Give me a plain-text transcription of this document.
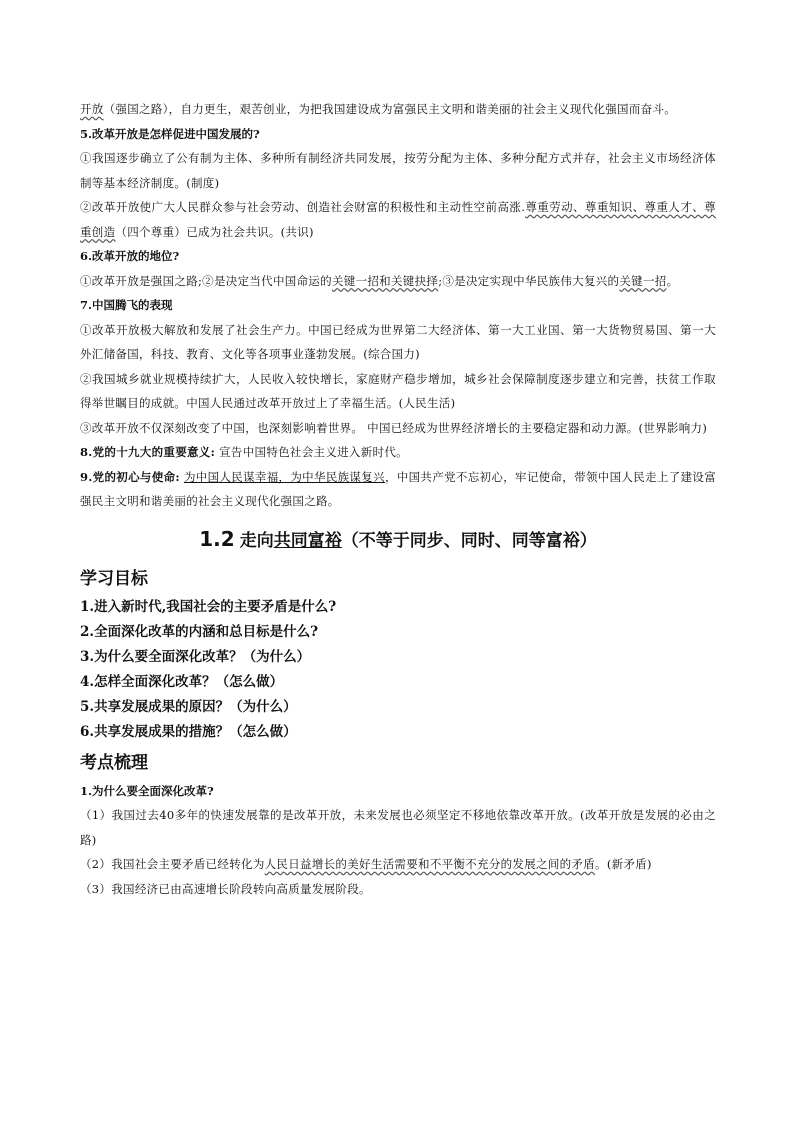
开放（强国之路），自力更生，艰苦创业，为把我国建设成为富强民主文明和谐美丽的社会主义现代化强国而奋斗。

5.改革开放是怎样促进中国发展的?

①我国逐步确立了公有制为主体、多种所有制经济共同发展，按劳分配为主体、多种分配方式并存，社会主义市场经济体制等基本经济制度。(制度)

②改革开放使广大人民群众参与社会劳动、创造社会财富的积极性和主动性空前高涨.尊重劳动、尊重知识、尊重人才、尊重创造（四个尊重）已成为社会共识。(共识)

6.改革开放的地位?

①改革开放是强国之路;②是决定当代中国命运的关键一招和关键抉择;③是决定实现中华民族伟大复兴的关键一招。

7.中国腾飞的表现

①改革开放极大解放和发展了社会生产力。中国已经成为世界第二大经济体、第一大工业国、第一大货物贸易国、第一大外汇储备国，科技、教育、文化等各项事业蓬勃发展。(综合国力)

②我国城乡就业规模持续扩大，人民收入较快增长，家庭财产稳步增加，城乡社会保障制度逐步建立和完善，扶贫工作取得举世瞩目的成就。中国人民通过改革开放过上了幸福生活。(人民生活)

③改革开放不仅深刻改变了中国，也深刻影响着世界。 中国已经成为世界经济增长的主要稳定器和动力源。(世界影响力)

8.党的十九大的重要意义: 宣告中国特色社会主义进入新时代。

9.党的初心与使命: 为中国人民谋幸福，为中华民族谋复兴，中国共产党不忘初心，牢记使命，带领中国人民走上了建设富强民主文明和谐美丽的社会主义现代化强国之路。

1.2 走向共同富裕（不等于同步、同时、同等富裕）
学习目标

1.进入新时代,我国社会的主要矛盾是什么?

2.全面深化改革的内涵和总目标是什么?

3.为什么要全面深化改革？（为什么）

4.怎样全面深化改革？（怎么做）

5.共享发展成果的原因？（为什么）

6.共享发展成果的措施？（怎么做）

考点梳理

1.为什么要全面深化改革?

（1）我国过去40多年的快速发展靠的是改革开放，未来发展也必须坚定不移地依靠改革开放。(改革开放是发展的必由之路)

（2）我国社会主要矛盾已经转化为人民日益增长的美好生活需要和不平衡不充分的发展之间的矛盾。(新矛盾)

（3）我国经济已由高速增长阶段转向高质量发展阶段。
